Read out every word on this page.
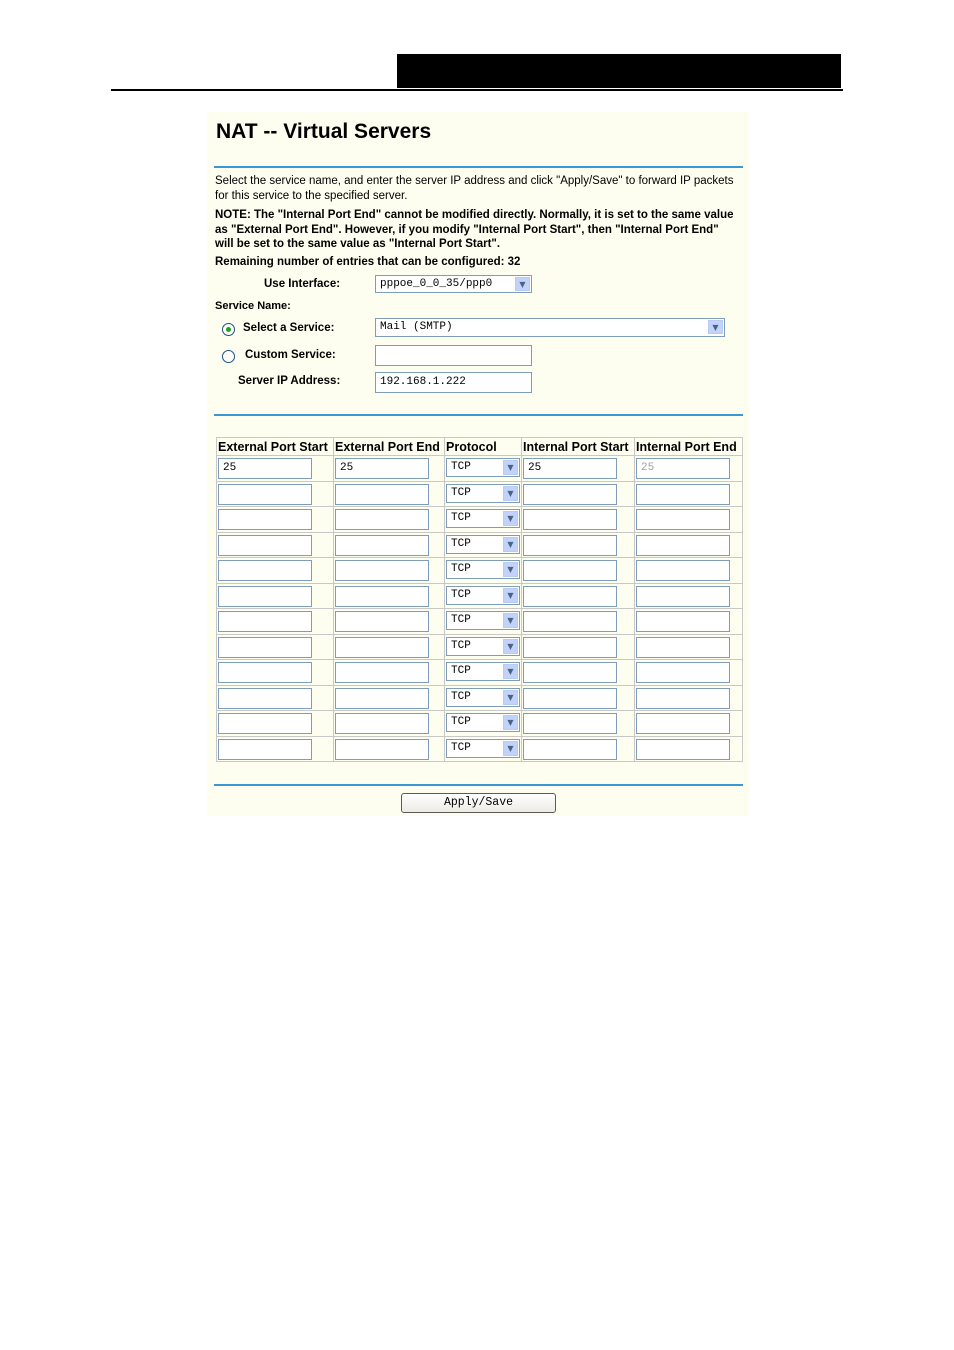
NAT -- Virtual Servers
Select the service name, and enter the server IP address and click "Apply/Save" to forward IP packets for this service to the specified server.
NOTE: The "Internal Port End" cannot be modified directly. Normally, it is set to the same value as "External Port End". However, if you modify "Internal Port Start", then "Internal Port End" will be set to the same value as "Internal Port Start".
Remaining number of entries that can be configured: 32
Use Interface:	pppoe_0_0_35/ppp0	▼
Service Name:
Select a Service:	Mail (SMTP)	▼
Custom Service:
Server IP Address:	192.168.1.222
External Port Start	External Port End	Protocol	Internal Port Start	Internal Port End

25	25	TCP ▼	25	25

		TCP ▼		

		TCP ▼		

		TCP ▼		

		TCP ▼		

		TCP ▼		

		TCP ▼		

		TCP ▼		

		TCP ▼		

		TCP ▼		

		TCP ▼		

		TCP ▼		

Apply/Save
